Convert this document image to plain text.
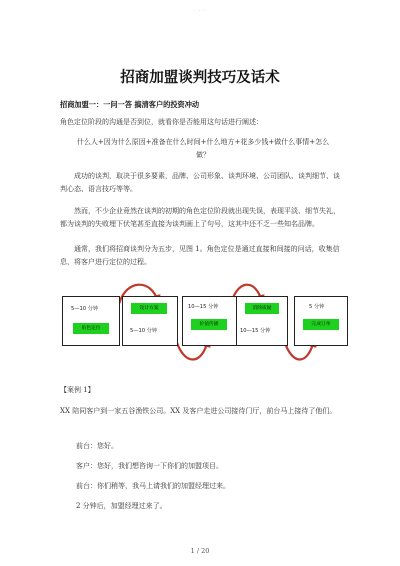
· · ·
招商加盟谈判技巧及话术
招商加盟一：一问一答 搞清客户的投资冲动
角色定位阶段的沟通是否到位，就看你是否能用这句话进行阐述：
什么人+因为什么原因+准备在什么时间+什么地方+花多少钱+做什么事情+怎么做？
成功的谈判，取决于很多要素，品牌、公司形象、谈判环境、公司团队、谈判细节、谈判心态、语言技巧等等。
然而，不少企业竟然在谈判的初期的角色定位阶段就出现失误，表现平淡、细节失礼，都为谈判的失败埋下伏笔甚至直接为谈判画上了句号，这其中还不乏一些知名品牌。
通常，我们将招商谈判分为五步，见图 1。角色定位是通过直接和间接的问话，收集信息，将客户进行定位的过程。
5—10 分钟
角色定位
设计方案
5—10 分钟
10—15 分钟
价值传播
消除质疑
10—15 分钟
5 分钟
完成订单
【案例 1】
XX 陪同客户到一家五谷渔铁公司。XX 及客户走进公司接待门厅，前台马上接待了他们。
前台：您好。
客户：您好，我们想咨询一下你们的加盟项目。
前台：你们稍等，我马上请我们的加盟经理过来。
2 分钟后，加盟经理过来了。
1 / 20
